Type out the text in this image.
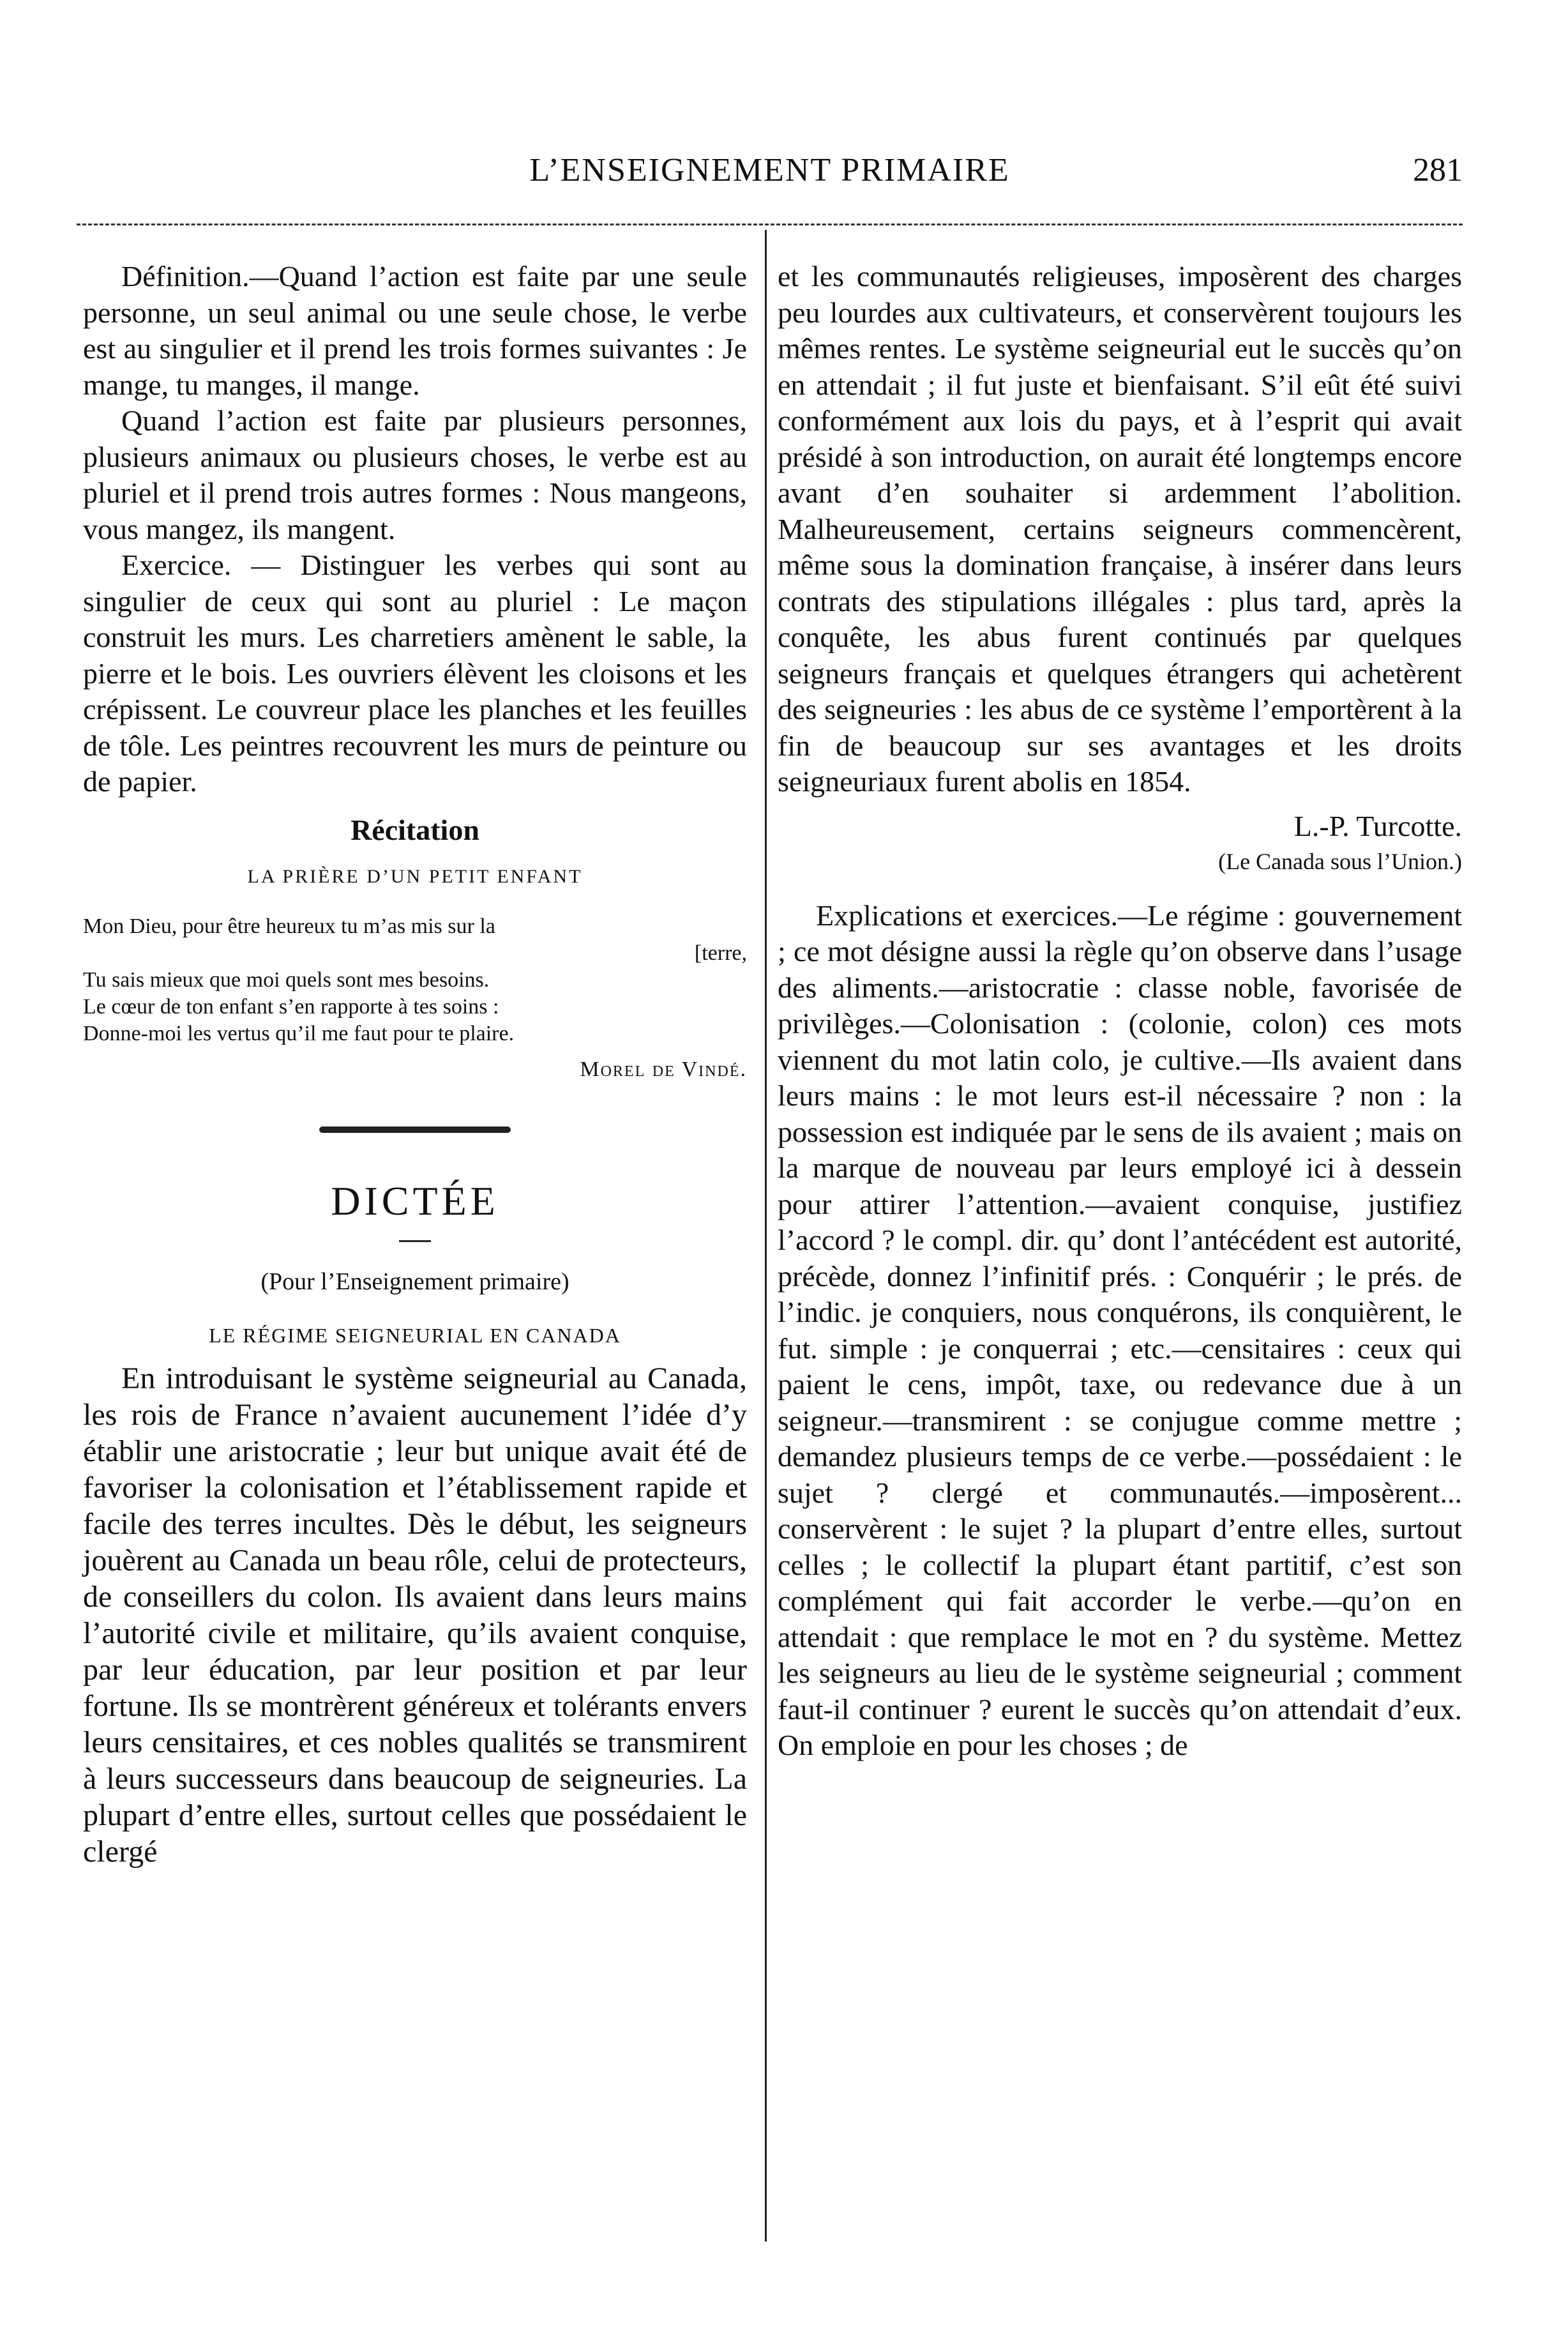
L’ENSEIGNEMENT PRIMAIRE	281

Définition.—Quand l’action est faite par une seule personne, un seul animal ou une seule chose, le verbe est au singulier et il prend les trois formes suivantes : Je mange, tu manges, il mange.

Quand l’action est faite par plusieurs personnes, plusieurs animaux ou plusieurs choses, le verbe est au pluriel et il prend trois autres formes : Nous mangeons, vous mangez, ils mangent.

Exercice. — Distinguer les verbes qui sont au singulier de ceux qui sont au pluriel : Le maçon construit les murs. Les charretiers amènent le sable, la pierre et le bois. Les ouvriers élèvent les cloisons et les crépissent. Le couvreur place les planches et les feuilles de tôle. Les peintres recouvrent les murs de peinture ou de papier.

Récitation
LA PRIÈRE D’UN PETIT ENFANT
Mon Dieu, pour être heureux tu m’as mis sur la
[terre,
Tu sais mieux que moi quels sont mes besoins.
Le cœur de ton enfant s’en rapporte à tes soins :
Donne-moi les vertus qu’il me faut pour te plaire.
Morel de Vindé.
DICTÉE
(Pour l’Enseignement primaire)
LE RÉGIME SEIGNEURIAL EN CANADA

En introduisant le système seigneurial au Canada, les rois de France n’avaient aucunement l’idée d’y établir une aristocratie ; leur but unique avait été de favoriser la colonisation et l’établissement rapide et facile des terres incultes. Dès le début, les seigneurs jouèrent au Canada un beau rôle, celui de protecteurs, de conseillers du colon. Ils avaient dans leurs mains l’autorité civile et militaire, qu’ils avaient conquise, par leur éducation, par leur position et par leur fortune. Ils se montrèrent généreux et tolérants envers leurs censitaires, et ces nobles qualités se transmirent à leurs successeurs dans beaucoup de seigneuries. La plupart d’entre elles, surtout celles que possédaient le clergé

et les communautés religieuses, imposèrent des charges peu lourdes aux cultivateurs, et conservèrent toujours les mêmes rentes. Le système seigneurial eut le succès qu’on en attendait ; il fut juste et bienfaisant. S’il eût été suivi conformément aux lois du pays, et à l’esprit qui avait présidé à son introduction, on aurait été longtemps encore avant d’en souhaiter si ardemment l’abolition. Malheureusement, certains seigneurs commencèrent, même sous la domination française, à insérer dans leurs contrats des stipulations illégales : plus tard, après la conquête, les abus furent continués par quelques seigneurs français et quelques étrangers qui achetèrent des seigneuries : les abus de ce système l’emportèrent à la fin de beaucoup sur ses avantages et les droits seigneuriaux furent abolis en 1854.

L.-P. Turcotte.
(Le Canada sous l’Union.)

Explications et exercices.—Le régime : gouvernement ; ce mot désigne aussi la règle qu’on observe dans l’usage des aliments.—aristocratie : classe noble, favorisée de privilèges.—Colonisation : (colonie, colon) ces mots viennent du mot latin colo, je cultive.—Ils avaient dans leurs mains : le mot leurs est-il nécessaire ? non : la possession est indiquée par le sens de ils avaient ; mais on la marque de nouveau par leurs employé ici à dessein pour attirer l’attention.—avaient conquise, justifiez l’accord ? le compl. dir. qu’ dont l’antécédent est autorité, précède, donnez l’infinitif prés. : Conquérir ; le prés. de l’indic. je conquiers, nous conquérons, ils conquièrent, le fut. simple : je conquerrai ; etc.—censitaires : ceux qui paient le cens, impôt, taxe, ou redevance due à un seigneur.—transmirent : se conjugue comme mettre ; demandez plusieurs temps de ce verbe.—possédaient : le sujet ? clergé et communautés.—imposèrent... conservèrent : le sujet ? la plupart d’entre elles, surtout celles ; le collectif la plupart étant partitif, c’est son complément qui fait accorder le verbe.—qu’on en attendait : que remplace le mot en ? du système. Mettez les seigneurs au lieu de le système seigneurial ; comment faut-il continuer ? eurent le succès qu’on attendait d’eux. On emploie en pour les choses ; de
